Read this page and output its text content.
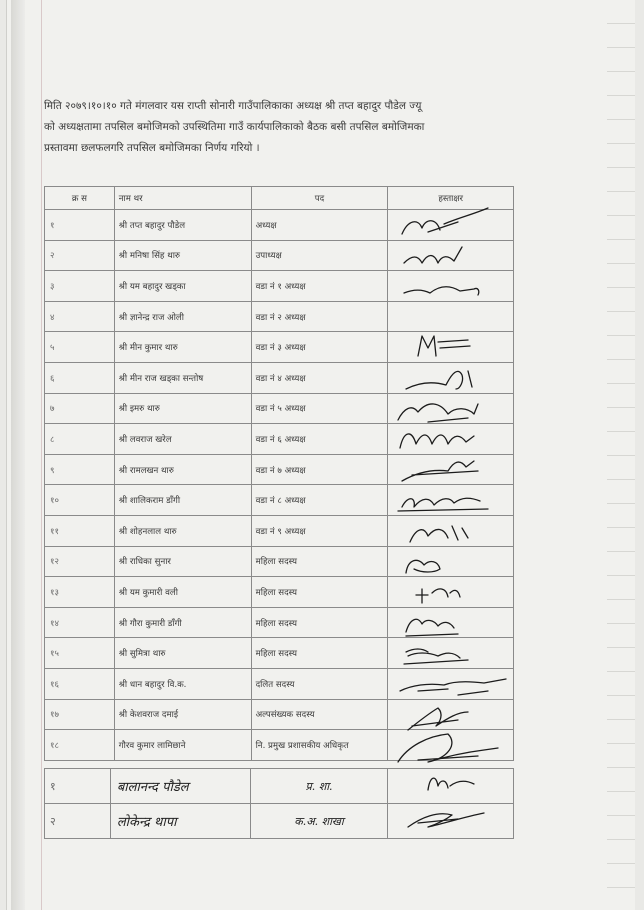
मिति २०७९।१०।१० गते मंगलवार यस राप्ती सोनारी गाउँपालिकाका अध्यक्ष श्री तप्त बहादुर पौडेल ज्यू

को अध्यक्षतामा तपसिल बमोजिमको उपस्थितिमा गाउँ कार्यपालिकाको बैठक बसी तपसिल बमोजिमका

प्रस्तावमा छलफलगरि तपसिल बमोजिमका निर्णय गरियो ।

क्र स	नाम थर	पद	हस्ताक्षर
१	श्री तप्त बहादुर पौडेल	अध्यक्ष	

२	श्री मनिषा सिंह थारु	उपाध्यक्ष	

३	श्री यम बहादुर खड्का	वडा नं १ अध्यक्ष	

४	श्री ज्ञानेन्द्र राज ओली	वडा नं २ अध्यक्ष	
५	श्री मीन कुमार थारु	वडा नं ३ अध्यक्ष	

६	श्री मीन राज खड्का सन्तोष	वडा नं ४ अध्यक्ष	

७	श्री इमरु थारु	वडा नं ५ अध्यक्ष	

८	श्री लवराज खरेल	वडा नं ६ अध्यक्ष	

९	श्री रामलखन थारु	वडा नं ७ अध्यक्ष	

१०	श्री शालिकराम डाँगी	वडा नं ८ अध्यक्ष	

११	श्री शोहनलाल थारु	वडा नं ९ अध्यक्ष	

१२	श्री राधिका सुनार	महिला सदस्य	

१३	श्री यम कुमारी वली	महिला सदस्य	

१४	श्री गौरा कुमारी डाँगी	महिला सदस्य	

१५	श्री सुमित्रा थारु	महिला सदस्य	

१६	श्री धान बहादुर वि.क.	दलित सदस्य	

१७	श्री केशवराज दमाई	अल्पसंख्यक सदस्य	

१८	गौरव कुमार लामिछाने	नि. प्रमुख प्रशासकीय अधिकृत	
१	बालानन्द पौडेल	प्र. शा.	

२	लोकेन्द्र थापा	क.अ. शाखा	
